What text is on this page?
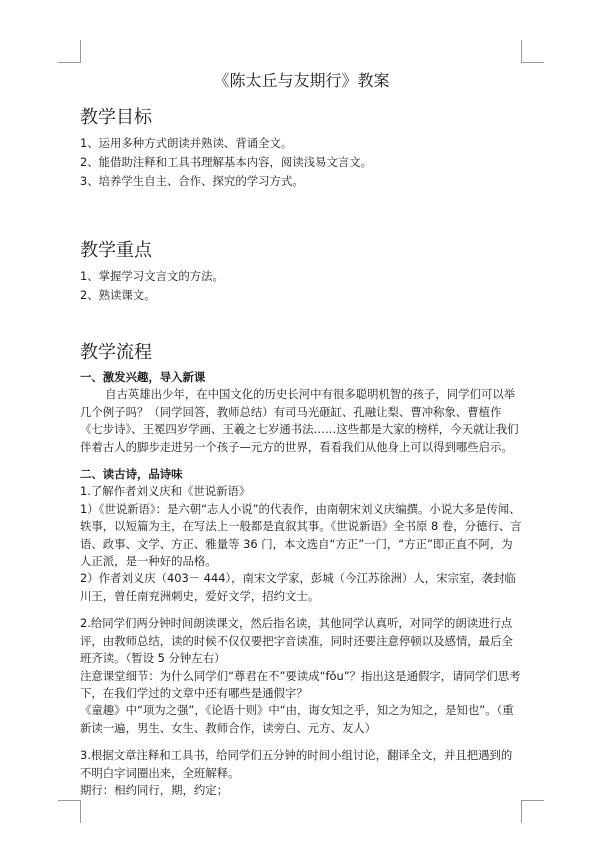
《陈太丘与友期行》教案
教学目标

1、运用多种方式朗读并熟读、背诵全文。

2、能借助注释和工具书理解基本内容，阅读浅易文言文。

3、培养学生自主、合作、探究的学习方式。

教学重点

1、掌握学习文言文的方法。

2、熟读课文。

教学流程

一、激发兴趣，导入新课

自古英雄出少年，在中国文化的历史长河中有很多聪明机智的孩子，同学们可以举几个例子吗？（同学回答，教师总结）有司马光砸缸、孔融让梨、曹冲称象、曹植作《七步诗》、王冕四岁学画、王羲之七岁通书法……这些都是大家的榜样，今天就让我们伴着古人的脚步走进另一个孩子—元方的世界，看看我们从他身上可以得到哪些启示。

二、读古诗，品诗味

1.了解作者刘义庆和《世说新语》

1）《世说新语》：是六朝“志人小说”的代表作，由南朝宋刘义庆编撰。小说大多是传闻、轶事，以短篇为主，在写法上一般都是直叙其事。《世说新语》全书原 8 卷，分德行、言语、政事、文学、方正、雅量等 36 门，本文选自“方正”一门，“方正”即正直不阿，为人正派，是一种好的品格。

2）作者刘义庆（403－ 444），南宋文学家，彭城（今江苏徐洲）人，宋宗室，袭封临川王，曾任南兖洲刺史，爱好文学，招约文士。

2.给同学们两分钟时间朗读课文，然后指名读，其他同学认真听，对同学的朗读进行点评，由教师总结，读的时候不仅仅要把字音读准，同时还要注意停顿以及感情，最后全班齐读。（暂设 5 分钟左右）

注意课堂细节：为什么同学们“尊君在不”要读成“fǒu”？指出这是通假字，请同学们思考下，在我们学过的文章中还有哪些是通假字？

《童趣》中“项为之强”，《论语十则》中“由，诲女知之乎，知之为知之，是知也”。（重新读一遍，男生、女生、教师合作，读旁白、元方、友人）

3.根据文章注释和工具书，给同学们五分钟的时间小组讨论，翻译全文，并且把遇到的不明白字词圈出来，全班解释。

期行：相约同行，期，约定；
